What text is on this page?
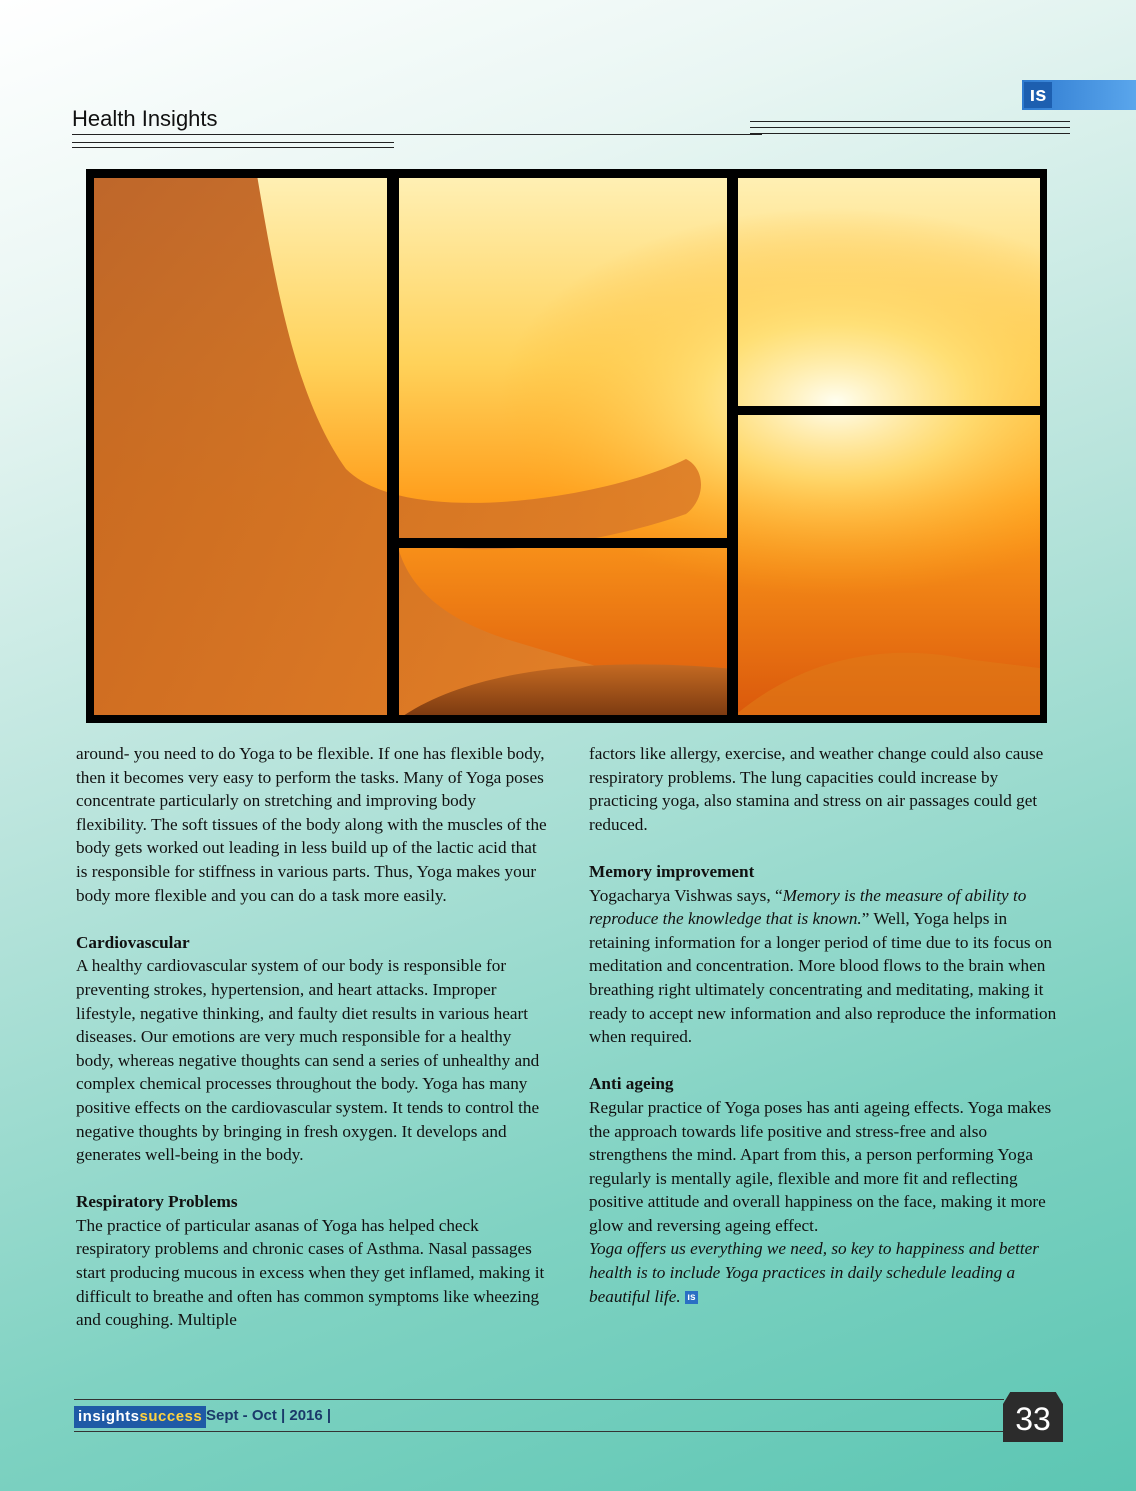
Health Insights
ıs

around- you need to do Yoga to be flexible. If one has flexible body, then it becomes very easy to perform the tasks. Many of Yoga poses concentrate particularly on stretching and improving body flexibility. The soft tissues of the body along with the muscles of the body gets worked out leading in less build up of the lactic acid that is responsible for stiffness in various parts. Thus, Yoga makes your body more flexible and you can do a task more easily.

Cardiovascular

A healthy cardiovascular system of our body is responsible for preventing strokes, hypertension, and heart attacks. Improper lifestyle, negative thinking, and faulty diet results in various heart diseases. Our emotions are very much responsible for a healthy body, whereas negative thoughts can send a series of unhealthy and complex chemical processes throughout the body. Yoga has many positive effects on the cardiovascular system. It tends to control the negative thoughts by bringing in fresh oxygen. It develops and generates well-being in the body.

Respiratory Problems

The practice of particular asanas of Yoga has helped check respiratory problems and chronic cases of Asthma. Nasal passages start producing mucous in excess when they get inflamed, making it difficult to breathe and often has common symptoms like wheezing and coughing. Multiple

factors like allergy, exercise, and weather change could also cause respiratory problems. The lung capacities could increase by practicing yoga, also stamina and stress on air passages could get reduced.

Memory improvement

Yogacharya Vishwas says, “Memory is the measure of ability to reproduce the knowledge that is known.” Well, Yoga helps in retaining information for a longer period of time due to its focus on meditation and concentration. More blood flows to the brain when breathing right ultimately concentrating and meditating, making it ready to accept new information and also reproduce the information when required.

Anti ageing

Regular practice of Yoga poses has anti ageing effects. Yoga makes the approach towards life positive and stress-free and also strengthens the mind. Apart from this, a person performing Yoga regularly is mentally agile, flexible and more fit and reflecting positive attitude and overall happiness on the face, making it more glow and reversing ageing effect.

Yoga offers us everything we need, so key to happiness and better health is to include Yoga practices in daily schedule leading a beautiful life. ıs

insightssuccess Sept - Oct | 2016 |	33
